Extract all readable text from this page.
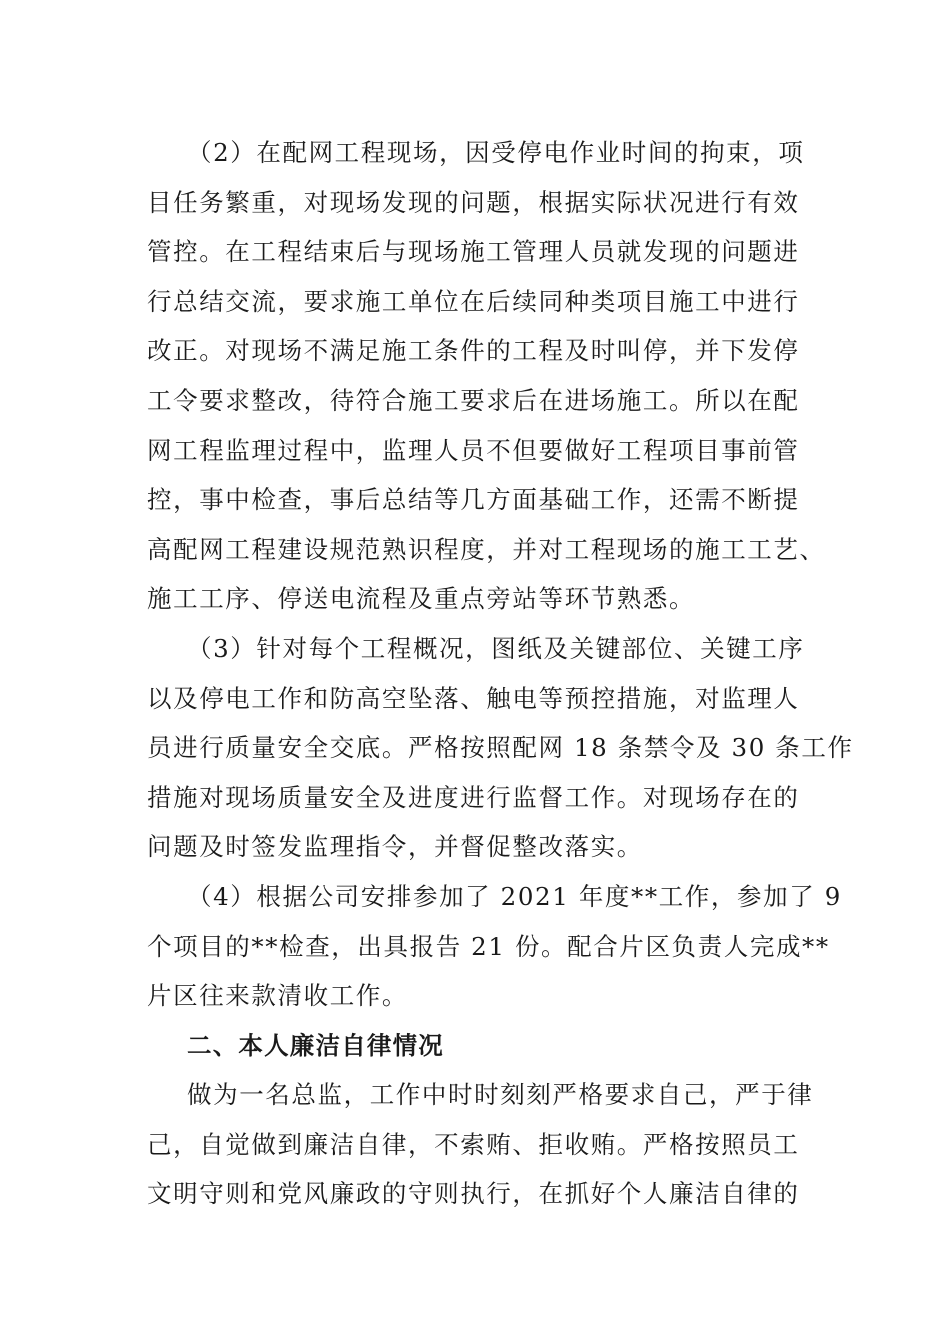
（2）在配网工程现场，因受停电作业时间的拘束，项
目任务繁重，对现场发现的问题，根据实际状况进行有效
管控。在工程结束后与现场施工管理人员就发现的问题进
行总结交流，要求施工单位在后续同种类项目施工中进行
改正。对现场不满足施工条件的工程及时叫停，并下发停
工令要求整改，待符合施工要求后在进场施工。所以在配
网工程监理过程中，监理人员不但要做好工程项目事前管
控，事中检查，事后总结等几方面基础工作，还需不断提
高配网工程建设规范熟识程度，并对工程现场的施工工艺、
施工工序、停送电流程及重点旁站等环节熟悉。
（3）针对每个工程概况，图纸及关键部位、关键工序
以及停电工作和防高空坠落、触电等预控措施，对监理人
员进行质量安全交底。严格按照配网 18 条禁令及 30 条工作
措施对现场质量安全及进度进行监督工作。对现场存在的
问题及时签发监理指令，并督促整改落实。
（4）根据公司安排参加了 2021 年度**工作，参加了 9
个项目的**检查，出具报告 21 份。配合片区负责人完成**
片区往来款清收工作。
二、本人廉洁自律情况
做为一名总监，工作中时时刻刻严格要求自己，严于律
己，自觉做到廉洁自律，不索贿、拒收贿。严格按照员工
文明守则和党风廉政的守则执行，在抓好个人廉洁自律的
